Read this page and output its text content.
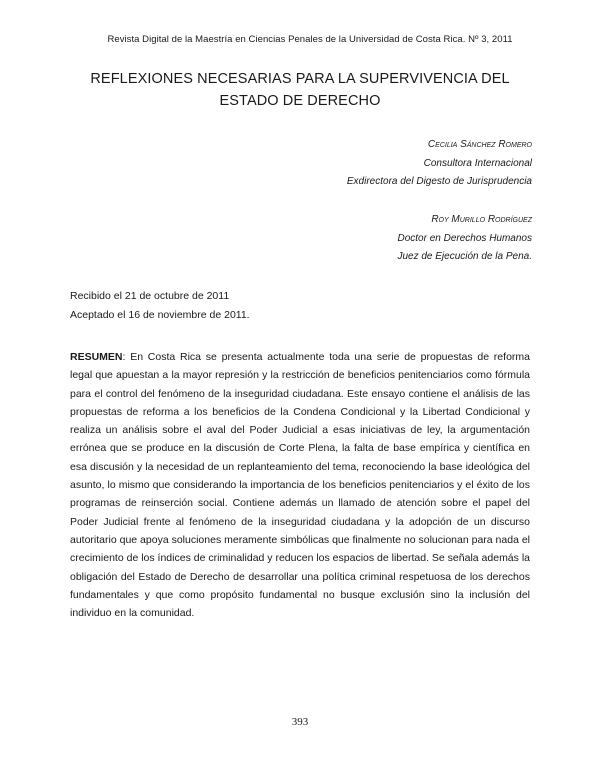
Revista Digital de la Maestría en Ciencias Penales de la Universidad de Costa Rica. Nº 3, 2011
REFLEXIONES NECESARIAS PARA LA SUPERVIVENCIA DEL ESTADO DE DERECHO
Cecilia Sánchez Romero
Consultora Internacional
Exdirectora del Digesto de Jurisprudencia
Roy Murillo Rodríguez
Doctor en Derechos Humanos
Juez de Ejecución de la Pena.
Recibido el 21 de octubre de 2011
Aceptado el 16 de noviembre de 2011.
RESUMEN: En Costa Rica se presenta actualmente toda una serie de propuestas de reforma legal que apuestan a la mayor represión y la restricción de beneficios penitenciarios como fórmula para el control del fenómeno de la inseguridad ciudadana. Este ensayo contiene el análisis de las propuestas de reforma a los beneficios de la Condena Condicional y la Libertad Condicional y realiza un análisis sobre el aval del Poder Judicial a esas iniciativas de ley, la argumentación errónea que se produce en la discusión de Corte Plena, la falta de base empírica y científica en esa discusión y la necesidad de un replanteamiento del tema, reconociendo la base ideológica del asunto, lo mismo que considerando la importancia de los beneficios penitenciarios y el éxito de los programas de reinserción social. Contiene además un llamado de atención sobre el papel del Poder Judicial frente al fenómeno de la inseguridad ciudadana y la adopción de un discurso autoritario que apoya soluciones meramente simbólicas que finalmente no solucionan para nada el crecimiento de los índices de criminalidad y reducen los espacios de libertad. Se señala además la obligación del Estado de Derecho de desarrollar una política criminal respetuosa de los derechos fundamentales y que como propósito fundamental no busque exclusión sino la inclusión del individuo en la comunidad.
393
